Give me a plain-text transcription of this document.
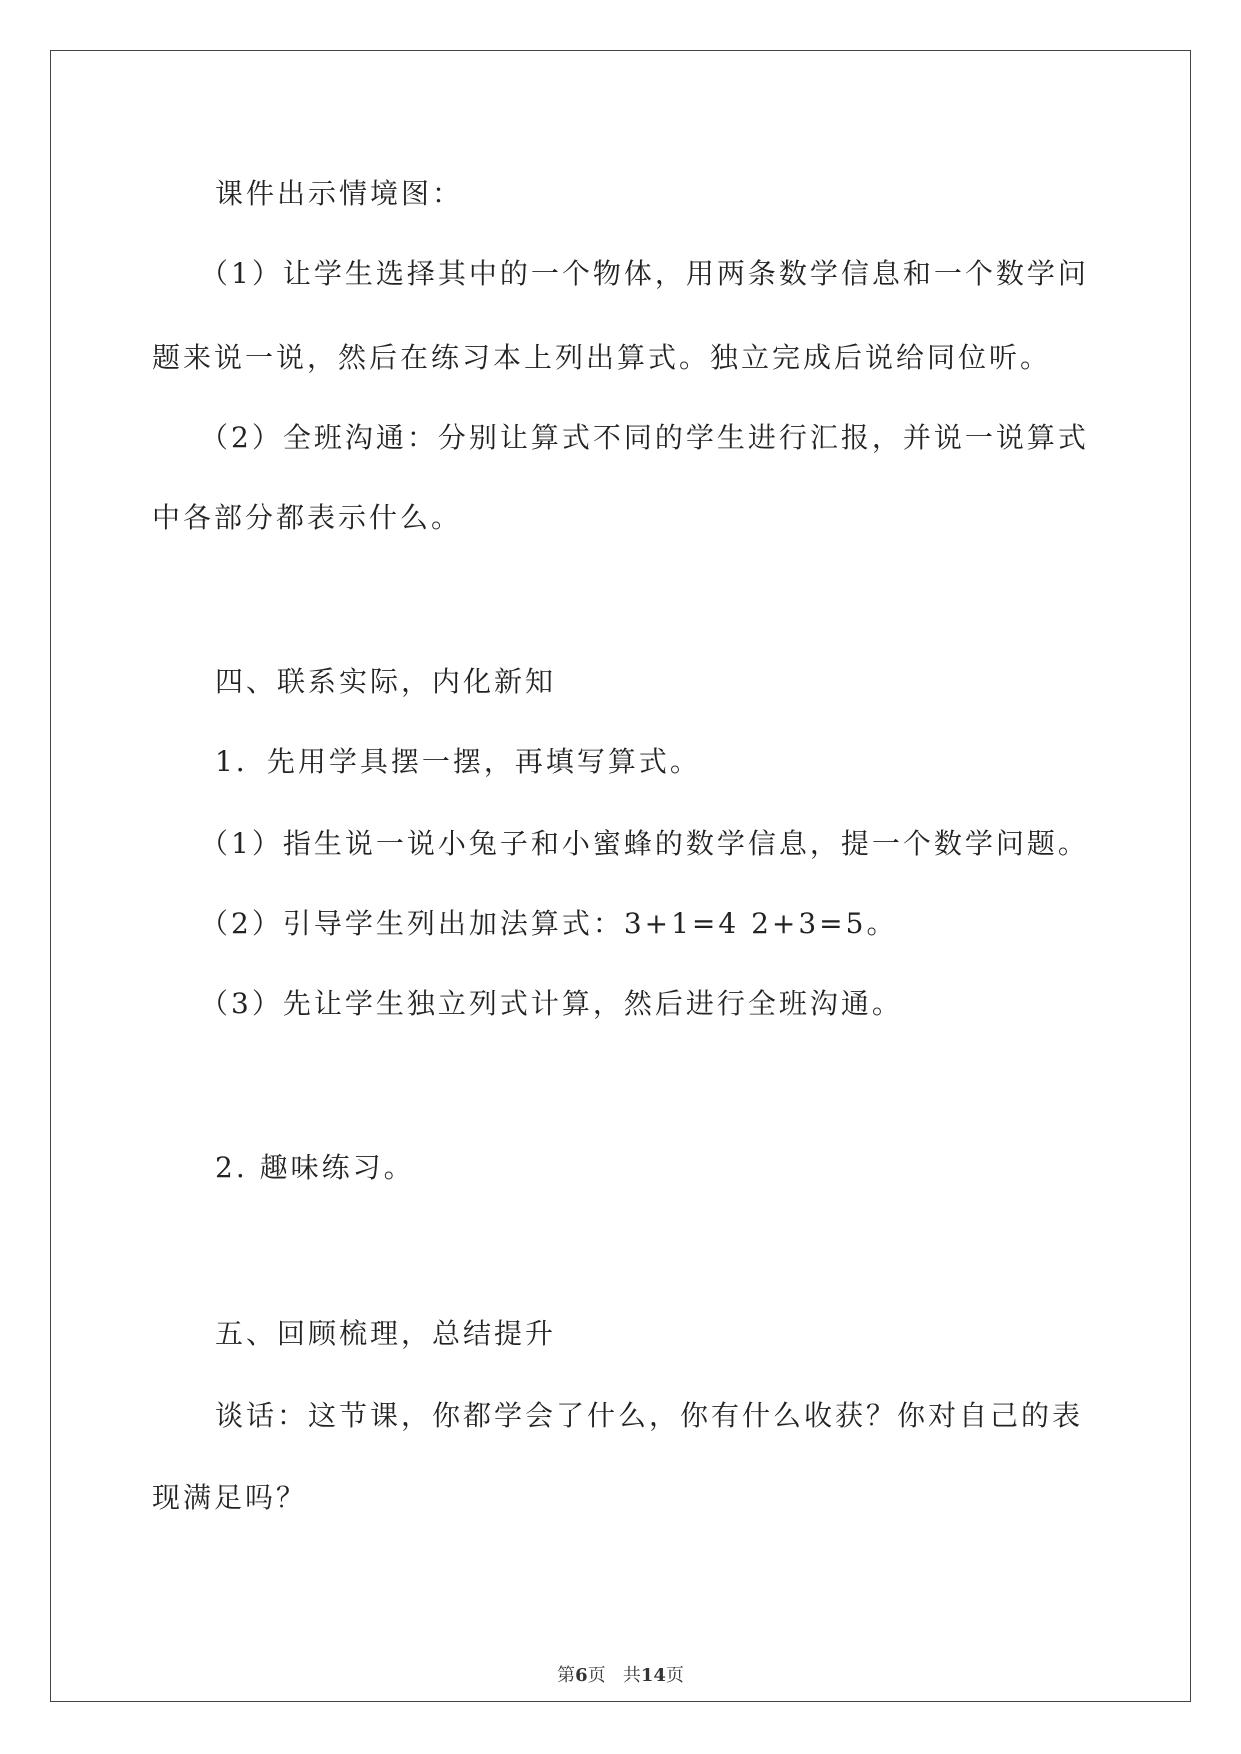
课件出示情境图：
（1）让学生选择其中的一个物体，用两条数学信息和一个数学问
题来说一说，然后在练习本上列出算式。独立完成后说给同位听。
（2）全班沟通：分别让算式不同的学生进行汇报，并说一说算式
中各部分都表示什么。
四、联系实际，内化新知
1．先用学具摆一摆，再填写算式。
（1）指生说一说小兔子和小蜜蜂的数学信息，提一个数学问题。
（2）引导学生列出加法算式：3+1=4 2+3=5。
（3）先让学生独立列式计算，然后进行全班沟通。
2. 趣味练习。
五、回顾梳理，总结提升
谈话：这节课，你都学会了什么，你有什么收获？你对自己的表
现满足吗？
第6页 共14页
